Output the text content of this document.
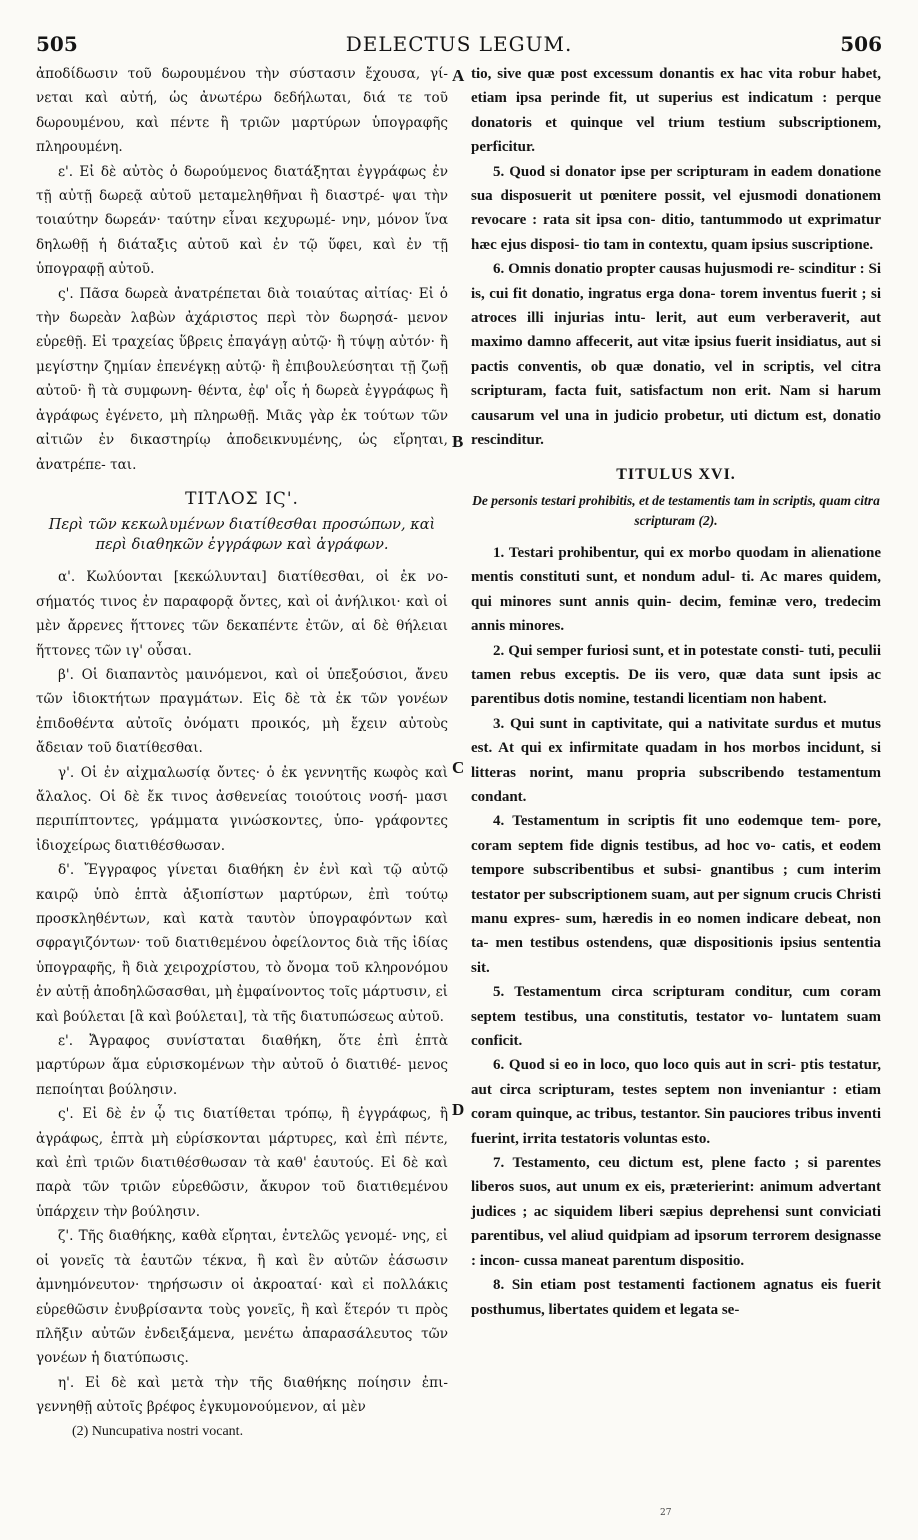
505	DELECTUS LEGUM.	506

ἀποδίδωσιν τοῦ δωρουμένου τὴν σύστασιν ἔχουσα, γί- νεται καὶ αὐτή, ὡς ἀνωτέρω δεδήλωται, διά τε τοῦ δωρουμένου, καὶ πέντε ἢ τριῶν μαρτύρων ὑπογραφῆς πληρουμένη.

ε'. Εἰ δὲ αὐτὸς ὁ δωρούμενος διατάξηται ἐγγράφως ἐν τῇ αὐτῇ δωρεᾷ αὐτοῦ μεταμεληθῆναι ἢ διαστρέ- ψαι τὴν τοιαύτην δωρεάν· ταύτην εἶναι κεχυρωμέ- νην, μόνον ἵνα δηλωθῇ ἡ διάταξις αὐτοῦ καὶ ἐν τῷ ὕφει, καὶ ἐν τῇ ὑπογραφῇ αὐτοῦ.

ς'. Πᾶσα δωρεὰ ἀνατρέπεται διὰ τοιαύτας αἰτίας· Εἰ ὁ τὴν δωρεὰν λαβὼν ἀχάριστος περὶ τὸν δωρησά- μενον εὑρεθῇ. Εἰ τραχείας ὕβρεις ἐπαγάγῃ αὐτῷ· ἢ τύψῃ αὐτόν· ἢ μεγίστην ζημίαν ἐπενέγκῃ αὐτῷ· ἢ ἐπιβουλεύσηται τῇ ζωῇ αὐτοῦ· ἢ τὰ συμφωνη- θέντα, ἐφ' οἷς ἡ δωρεὰ ἐγγράφως ἢ ἀγράφως ἐγένετο, μὴ πληρωθῇ. Μιᾶς γὰρ ἐκ τούτων τῶν αἰτιῶν ἐν δικαστηρίῳ ἀποδεικνυμένης, ὡς εἴρηται, ἀνατρέπε- ται.

ΤΙΤΛΟΣ ΙϚ'.
Περὶ τῶν κεκωλυμένων διατίθεσθαι προσώπων, καὶ περὶ διαθηκῶν ἐγγράφων καὶ ἀγράφων.

α'. Κωλύονται [κεκώλυνται] διατίθεσθαι, οἱ ἐκ νο- σήματός τινος ἐν παραφορᾷ ὄντες, καὶ οἱ ἀνήλικοι· καὶ οἱ μὲν ἄρρενες ἥττονες τῶν δεκαπέντε ἐτῶν, αἱ δὲ θήλειαι ἥττονες τῶν ιγ' οὖσαι.

β'. Οἱ διαπαντὸς μαινόμενοι, καὶ οἱ ὑπεξούσιοι, ἄνευ τῶν ἰδιοκτήτων πραγμάτων. Εἰς δὲ τὰ ἐκ τῶν γονέων ἐπιδοθέντα αὐτοῖς ὀνόματι προικός, μὴ ἔχειν αὐτοὺς ἄδειαν τοῦ διατίθεσθαι.

γ'. Οἱ ἐν αἰχμαλωσίᾳ ὄντες· ὁ ἐκ γεννητῆς κωφὸς καὶ ἄλαλος. Οἱ δὲ ἔκ τινος ἀσθενείας τοιούτοις νοσή- μασι περιπίπτοντες, γράμματα γινώσκοντες, ὑπο- γράφοντες ἰδιοχείρως διατιθέσθωσαν.

δ'. Ἔγγραφος γίνεται διαθήκη ἐν ἑνὶ καὶ τῷ αὐτῷ καιρῷ ὑπὸ ἑπτὰ ἀξιοπίστων μαρτύρων, ἐπὶ τούτῳ προσκληθέντων, καὶ κατὰ ταυτὸν ὑπογραφόντων καὶ σφραγιζόντων· τοῦ διατιθεμένου ὀφείλοντος διὰ τῆς ἰδίας ὑπογραφῆς, ἢ διὰ χειροχρίστου, τὸ ὄνομα τοῦ κληρονόμου ἐν αὐτῇ ἀποδηλῶσασθαι, μὴ ἐμφαίνοντος τοῖς μάρτυσιν, εἰ καὶ βούλεται [ἃ καὶ βούλεται], τὰ τῆς διατυπώσεως αὐτοῦ.

ε'. Ἄγραφος συνίσταται διαθήκη, ὅτε ἐπὶ ἑπτὰ μαρτύρων ἅμα εὑρισκομένων τὴν αὐτοῦ ὁ διατιθέ- μενος πεποίηται βούλησιν.

ς'. Εἰ δὲ ἐν ᾧ τις διατίθεται τρόπῳ, ἢ ἐγγράφως, ἢ ἀγράφως, ἑπτὰ μὴ εὑρίσκονται μάρτυρες, καὶ ἐπὶ πέντε, καὶ ἐπὶ τριῶν διατιθέσθωσαν τὰ καθ' ἑαυτούς. Εἰ δὲ καὶ παρὰ τῶν τριῶν εὑρεθῶσιν, ἄκυρον τοῦ διατιθεμένου ὑπάρχειν τὴν βούλησιν.

ζ'. Τῆς διαθήκης, καθὰ εἴρηται, ἐντελῶς γενομέ- νης, εἰ οἱ γονεῖς τὰ ἑαυτῶν τέκνα, ἢ καὶ ἓν αὐτῶν ἐάσωσιν ἀμνημόνευτον· τηρήσωσιν οἱ ἀκροαταί· καὶ εἰ πολλάκις εὑρεθῶσιν ἐνυβρίσαντα τοὺς γονεῖς, ἢ καὶ ἕτερόν τι πρὸς πλῆξιν αὐτῶν ἐνδειξάμενα, μενέτω ἀπαρασάλευτος τῶν γονέων ἡ διατύπωσις.

η'. Εἰ δὲ καὶ μετὰ τὴν τῆς διαθήκης ποίησιν ἐπι- γεννηθῇ αὐτοῖς βρέφος ἐγκυμονούμενον, αἱ μὲν

tio, sive quæ post excessum donantis ex hac vita robur habet, etiam ipsa perinde fit, ut superius est indicatum : perque donatoris et quinque vel trium testium subscriptionem, perficitur.

5. Quod si donator ipse per scripturam in eadem donatione sua disposuerit ut pœnitere possit, vel ejusmodi donationem revocare : rata sit ipsa con- ditio, tantummodo ut exprimatur hæc ejus disposi- tio tam in contextu, quam ipsius suscriptione.

6. Omnis donatio propter causas hujusmodi re- scinditur : Si is, cui fit donatio, ingratus erga dona- torem inventus fuerit ; si atroces illi injurias intu- lerit, aut eum verberaverit, aut maximo damno affecerit, aut vitæ ipsius fuerit insidiatus, aut si pactis conventis, ob quæ donatio, vel in scriptis, vel citra scripturam, facta fuit, satisfactum non erit. Nam si harum causarum vel una in judicio probetur, uti dictum est, donatio rescinditur.

TITULUS XVI.
De personis testari prohibitis, et de testamentis tam in scriptis, quam citra scripturam (2).

1. Testari prohibentur, qui ex morbo quodam in alienatione mentis constituti sunt, et nondum adul- ti. Ac mares quidem, qui minores sunt annis quin- decim, feminæ vero, tredecim annis minores.

2. Qui semper furiosi sunt, et in potestate consti- tuti, peculii tamen rebus exceptis. De iis vero, quæ data sunt ipsis ac parentibus dotis nomine, testandi licentiam non habent.

3. Qui sunt in captivitate, qui a nativitate surdus et mutus est. At qui ex infirmitate quadam in hos morbos incidunt, si litteras norint, manu propria subscribendo testamentum condant.

4. Testamentum in scriptis fit uno eodemque tem- pore, coram septem fide dignis testibus, ad hoc vo- catis, et eodem tempore subscribentibus et subsi- gnantibus ; cum interim testator per subscriptionem suam, aut per signum crucis Christi manu expres- sum, hæredis in eo nomen indicare debeat, non ta- men testibus ostendens, quæ dispositionis ipsius sententia sit.

5. Testamentum circa scripturam conditur, cum coram septem testibus, una constitutis, testator vo- luntatem suam conficit.

6. Quod si eo in loco, quo loco quis aut in scri- ptis testatur, aut circa scripturam, testes septem non inveniantur : etiam coram quinque, ac tribus, testantor. Sin pauciores tribus inventi fuerint, irrita testatoris voluntas esto.

7. Testamento, ceu dictum est, plene facto ; si parentes liberos suos, aut unum ex eis, præterierint: animum advertant judices ; ac siquidem liberi sæpius deprehensi sunt conviciati parentibus, vel aliud quidpiam ad ipsorum terrorem designasse : incon- cussa maneat parentum dispositio.

8. Sin etiam post testamenti factionem agnatus eis fuerit posthumus, libertates quidem et legata se-

A
B
C
D
(2) Nuncupativa nostri vocant.
27
